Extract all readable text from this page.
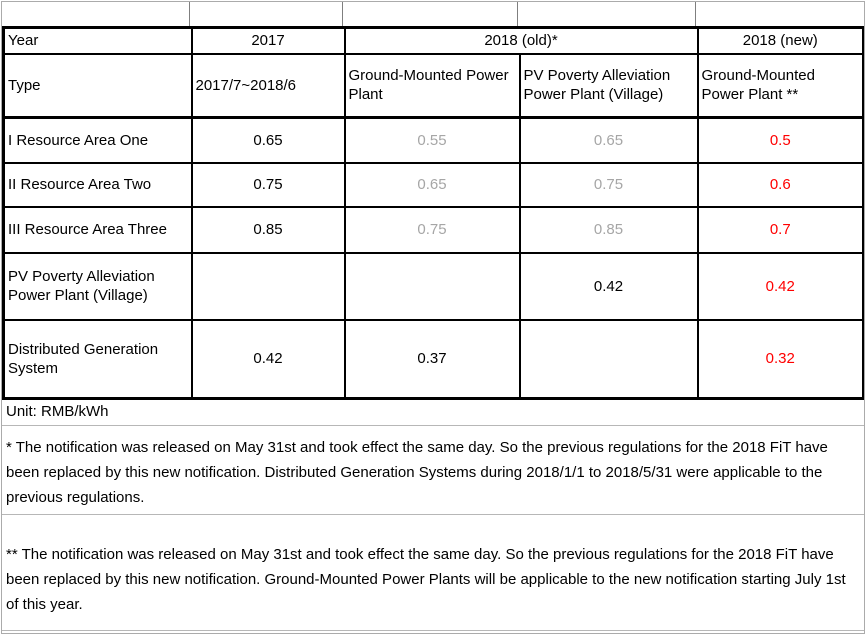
Year	2017	2018 (old)*		2018 (new)
Type	2017/7~2018/6	Ground-Mounted Power Plant	PV Poverty Alleviation Power Plant (Village)	Ground-Mounted Power Plant **
I Resource Area One	0.65	0.55	0.65	0.5
II Resource Area Two	0.75	0.65	0.75	0.6
III Resource Area Three	0.85	0.75	0.85	0.7
PV Poverty Alleviation Power Plant (Village)			0.42	0.42
Distributed Generation System	0.42	0.37		0.32
Unit: RMB/kWh
* The notification was released on May 31st and took effect the same day. So the previous regulations for the 2018 FiT have been replaced by this new notification. Distributed Generation Systems during 2018/1/1 to 2018/5/31 were applicable to the previous regulations.
** The notification was released on May 31st and took effect the same day. So the previous regulations for the 2018 FiT have been replaced by this new notification. Ground-Mounted Power Plants will be applicable to the new notification starting July 1st of this year.
